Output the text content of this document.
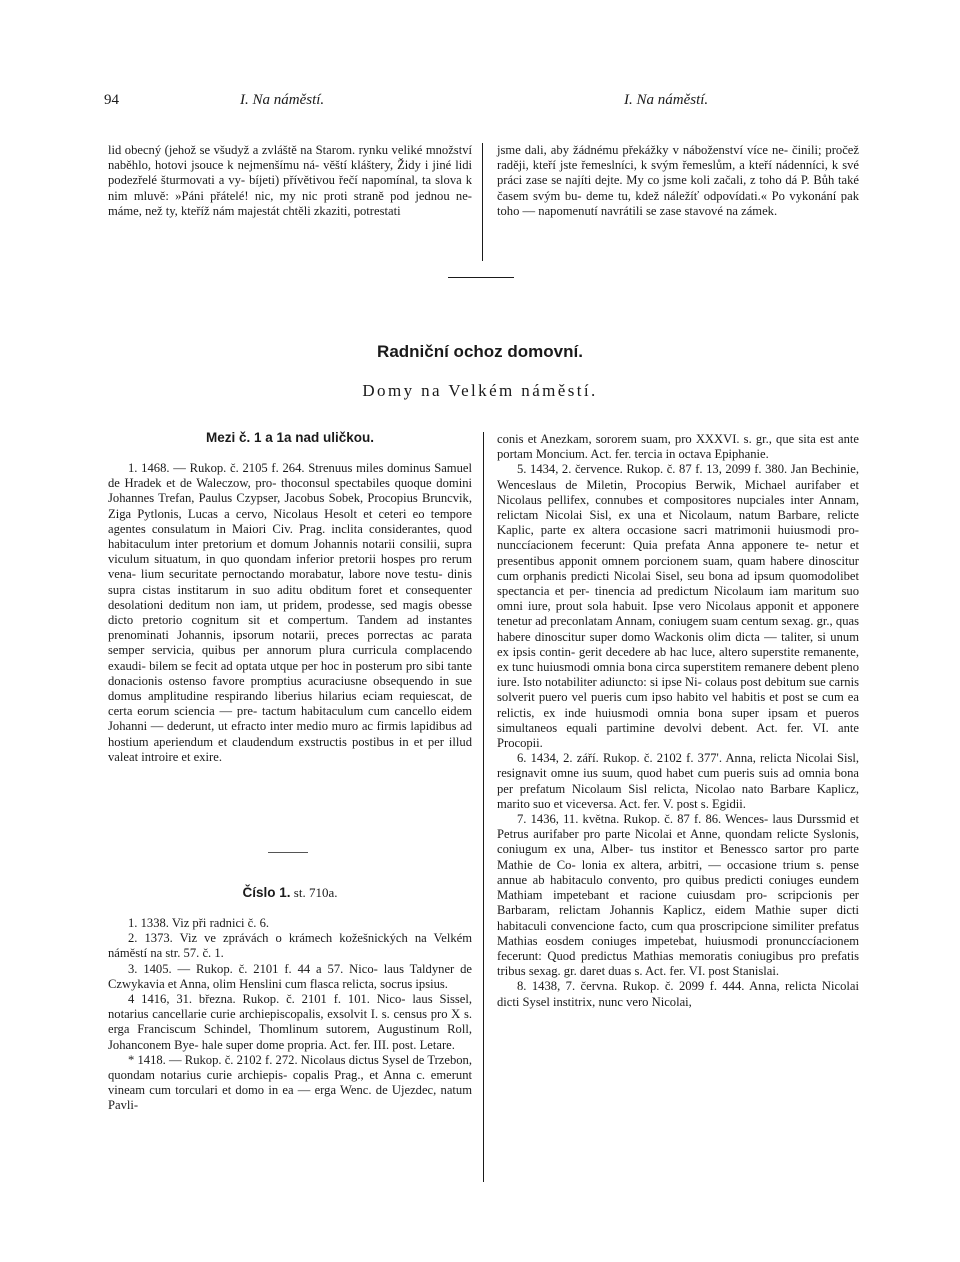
94	I. Na náměstí.	I. Na náměstí.

lid obecný (jehož se všudyž a zvláště na Starom. rynku veliké množství naběhlo, hotovi jsouce k nejmenšímu ná- věští kláštery, Židy i jiné lidi podezřelé šturmovati a vy- bíjeti) přívětivou řečí napomínal, ta slova k nim mluvě: »Páni přátelé! nic, my nic proti straně pod jednou ne- máme, než ty, kteříž nám majestát chtěli zkaziti, potrestati

jsme dali, aby žádnému překážky v náboženství více ne- činili; pročež raději, kteří jste řemeslníci, k svým řemeslům, a kteří nádenníci, k své práci zase se najíti dejte. My co jsme koli začali, z toho dá P. Bůh také časem svým bu- deme tu, kdež náležíť odpovídati.« Po vykonání pak toho — napomenutí navrátili se zase stavové na zámek.

Radniční ochoz domovní.
Domy na Velkém náměstí.
Mezi č. 1 a 1a nad uličkou.

1. 1468. — Rukop. č. 2105 f. 264. Strenuus miles dominus Samuel de Hradek et de Waleczow, pro- thoconsul spectabiles quoque domini Johannes Trefan, Paulus Czypser, Jacobus Sobek, Procopius Bruncvik, Ziga Pytlonis, Lucas a cervo, Nicolaus Hesolt et ceteri eo tempore agentes consulatum in Maiori Civ. Prag. inclita considerantes, quod habitaculum inter pretorium et domum Johannis notarii consilii, supra viculum situatum, in quo quondam inferior pretorii hospes pro rerum vena- lium securitate pernoctando morabatur, labore nove testu- dinis supra cistas institarum in suo aditu obditum foret et consequenter desolationi deditum non iam, ut pridem, prodesse, sed magis obesse dicto pretorio cognitum sit et compertum. Tandem ad instantes prenominati Johannis, ipsorum notarii, preces porrectas ac parata semper servicia, quibus per annorum plura curricula complacendo exaudi- bilem se fecit ad optata utque per hoc in posterum pro sibi tante donacionis ostenso favore promptius acuraciusne obsequendo in sue domus amplitudine respirando liberius hilarius eciam requiescat, de certa eorum sciencia — pre- tactum habitaculum cum cancello eidem Johanni — dederunt, ut efracto inter medio muro ac firmis lapidibus ad hostium aperiendum et claudendum exstructis postibus in et per illud valeat introire et exire.

Číslo 1. st. 710a.

1. 1338. Viz při radnici č. 6.

2. 1373. Viz ve zprávách o krámech kožešnických na Velkém náměstí na str. 57. č. 1.

3. 1405. — Rukop. č. 2101 f. 44 a 57. Nico- laus Taldyner de Czwykavia et Anna, olim Henslini cum flasca relicta, socrus ipsius.

4 1416, 31. března. Rukop. č. 2101 f. 101. Nico- laus Sissel, notarius cancellarie curie archiepiscopalis, exsolvit I. s. census pro X s. erga Franciscum Schindel, Thomlinum sutorem, Augustinum Roll, Johanconem Bye- hale super dome propria. Act. fer. III. post. Letare.

* 1418. — Rukop. č. 2102 f. 272. Nicolaus dictus Sysel de Trzebon, quondam notarius curie archiepis- copalis Prag., et Anna c. emerunt vineam cum torculari et domo in ea — erga Wenc. de Ujezdec, natum Pavli-

conis et Anezkam, sororem suam, pro XXXVI. s. gr., que sita est ante portam Moncium. Act. fer. tercia in octava Epiphanie.

5. 1434, 2. července. Rukop. č. 87 f. 13, 2099 f. 380. Jan Bechinie, Wenceslaus de Miletin, Procopius Berwik, Michael aurifaber et Nicolaus pellifex, connubes et compositores nupciales inter Annam, relictam Nicolai Sisl, ex una et Nicolaum, natum Barbare, relicte Kaplic, parte ex altera occasione sacri matrimonii huiusmodi pro- nunccíacionem fecerunt: Quia prefata Anna apponere te- netur et presentibus apponit omnem porcionem suam, quam habere dinoscitur cum orphanis predicti Nicolai Sisel, seu bona ad ipsum quomodolibet spectancia et per- tinencia ad predictum Nicolaum iam maritum suo omni iure, prout sola habuit. Ipse vero Nicolaus apponit et apponere tenetur ad preconlatam Annam, coniugem suam centum sexag. gr., quas habere dinoscitur super domo Wackonis olim dicta — taliter, si unum ex ipsis contin- gerit decedere ab hac luce, altero superstite remanente, ex tunc huiusmodi omnia bona circa superstitem remanere debent pleno iure. Isto notabiliter adiuncto: si ipse Ni- colaus post debitum sue carnis solverit puero vel pueris cum ipso habito vel habitis et post se cum ea relictis, ex inde huiusmodi omnia bona super ipsam et pueros simultaneos equali partimine devolvi debent. Act. fer. VI. ante Procopii.

6. 1434, 2. září. Rukop. č. 2102 f. 377'. Anna, relicta Nicolai Sisl, resignavit omne ius suum, quod habet cum pueris suis ad omnia bona per prefatum Nicolaum Sisl relicta, Nicolao nato Barbare Kaplicz, marito suo et viceversa. Act. fer. V. post s. Egidii.

7. 1436, 11. května. Rukop. č. 87 f. 86. Wences- laus Durssmid et Petrus aurifaber pro parte Nicolai et Anne, quondam relicte Syslonis, coniugum ex una, Alber- tus institor et Benessco sartor pro parte Mathie de Co- lonia ex altera, arbitri, — occasione trium s. pense annue ab habitaculo convento, pro quibus predicti coniuges eundem Mathiam impetebant et racione cuiusdam pro- scripcionis per Barbaram, relictam Johannis Kaplicz, eidem Mathie super dicti habitaculi convencione facto, cum qua proscripcione similiter prefatus Mathias eosdem coniuges impetebat, huiusmodi pronunccíacionem fecerunt: Quod predictus Mathias memoratis coniugibus pro prefatis tribus sexag. gr. daret duas s. Act. fer. VI. post Stanislai.

8. 1438, 7. června. Rukop. č. 2099 f. 444. Anna, relicta Nicolai dicti Sysel institrix, nunc vero Nicolai,
